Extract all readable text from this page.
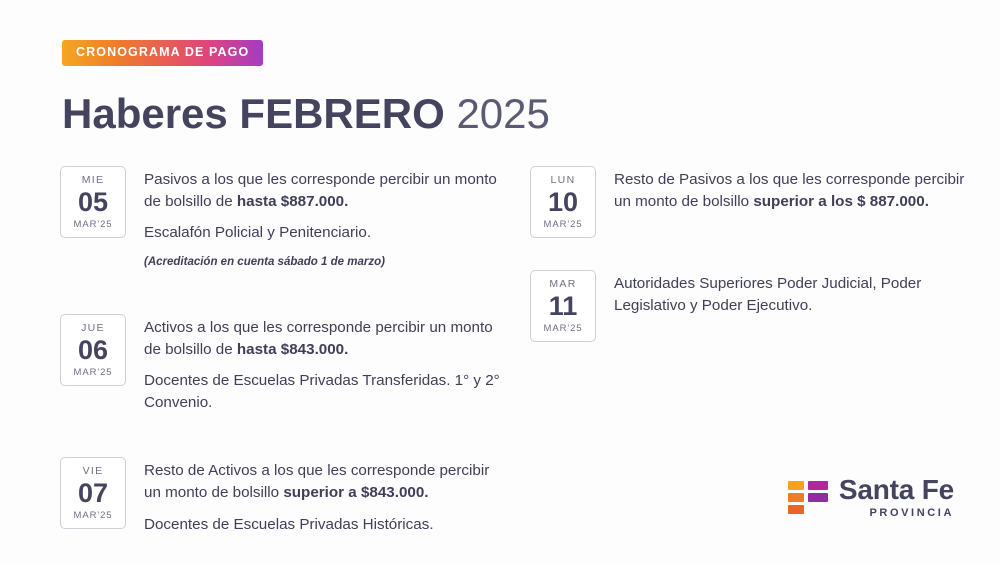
CRONOGRAMA DE PAGO
Haberes FEBRERO 2025
MIE
05
MAR'25

Pasivos a los que les corresponde percibir un monto de bolsillo de hasta $887.000.

Escalafón Policial y Penitenciario.

(Acreditación en cuenta sábado 1 de marzo)

JUE
06
MAR'25

Activos a los que les corresponde percibir un monto de bolsillo de hasta $843.000.

Docentes de Escuelas Privadas Transferidas. 1° y 2° Convenio.

VIE
07
MAR'25

Resto de Activos a los que les corresponde percibir un monto de bolsillo superior a $843.000.

Docentes de Escuelas Privadas Históricas.

LUN
10
MAR'25

Resto de Pasivos a los que les corresponde percibir un monto de bolsillo superior a los $ 887.000.

MAR
11
MAR'25

Autoridades Superiores Poder Judicial, Poder Legislativo y Poder Ejecutivo.

Santa Fe
PROVINCIA
